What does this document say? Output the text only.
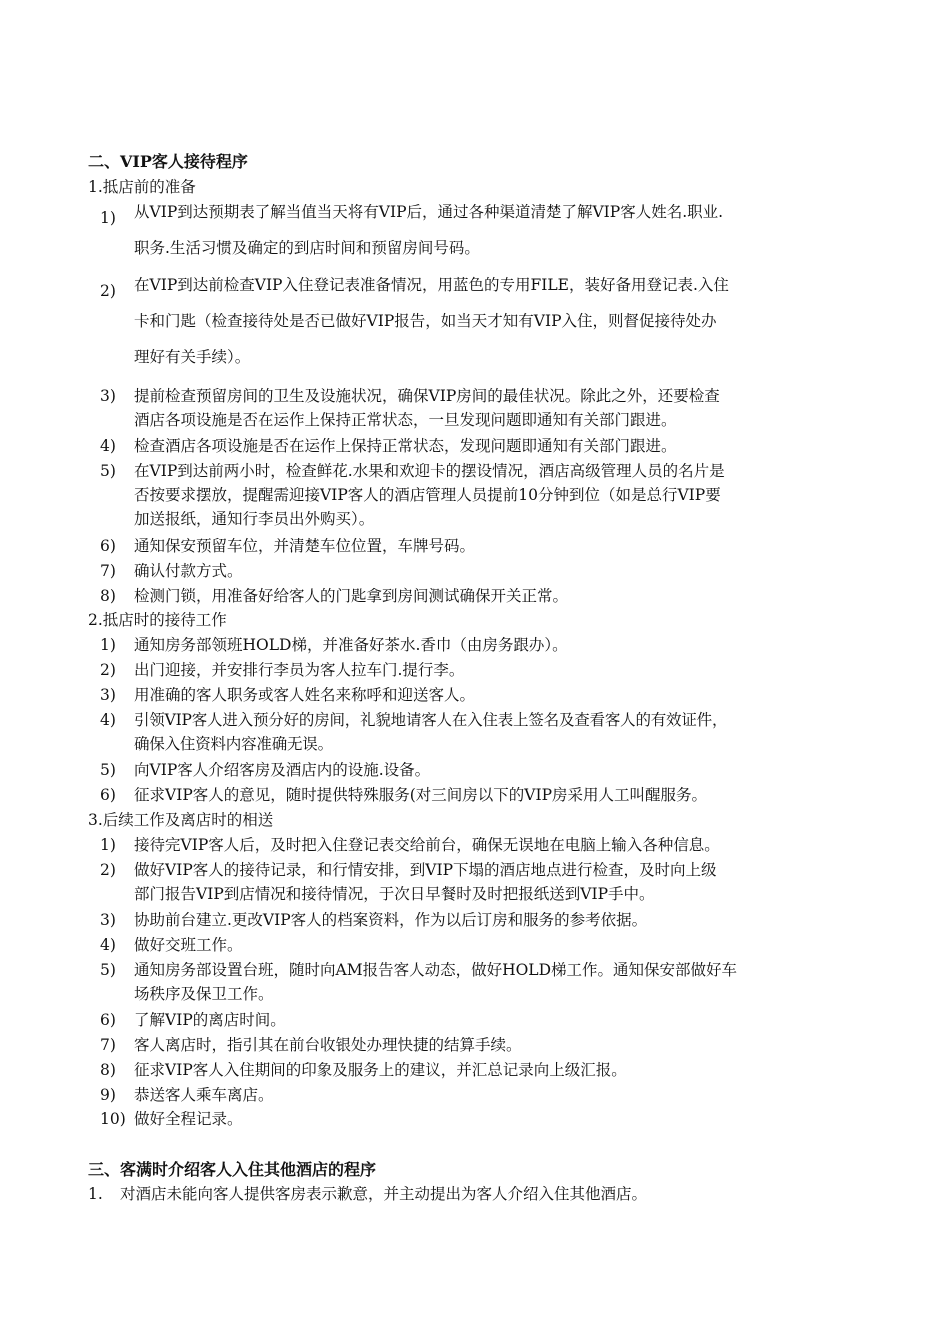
二、VIP客人接待程序
1.抵店前的准备
1) 从VIP到达预期表了解当值当天将有VIP后，通过各种渠道清楚了解VIP客人姓名.职业.
职务.生活习惯及确定的到店时间和预留房间号码。
2) 在VIP到达前检查VIP入住登记表准备情况，用蓝色的专用FILE，装好备用登记表.入住
卡和门匙（检查接待处是否已做好VIP报告，如当天才知有VIP入住，则督促接待处办
理好有关手续）。
3) 提前检查预留房间的卫生及设施状况，确保VIP房间的最佳状况。除此之外，还要检查
酒店各项设施是否在运作上保持正常状态，一旦发现问题即通知有关部门跟进。
4) 检查酒店各项设施是否在运作上保持正常状态，发现问题即通知有关部门跟进。
5) 在VIP到达前两小时，检查鲜花.水果和欢迎卡的摆设情况，酒店高级管理人员的名片是
否按要求摆放，提醒需迎接VIP客人的酒店管理人员提前10分钟到位（如是总行VIP要
加送报纸，通知行李员出外购买）。
6) 通知保安预留车位，并清楚车位位置，车牌号码。
7) 确认付款方式。
8) 检测门锁，用准备好给客人的门匙拿到房间测试确保开关正常。
2.抵店时的接待工作
1) 通知房务部领班HOLD梯，并准备好茶水.香巾（由房务跟办）。
2) 出门迎接，并安排行李员为客人拉车门.提行李。
3) 用准确的客人职务或客人姓名来称呼和迎送客人。
4) 引领VIP客人进入预分好的房间，礼貌地请客人在入住表上签名及查看客人的有效证件，
确保入住资料内容准确无误。
5) 向VIP客人介绍客房及酒店内的设施.设备。
6) 征求VIP客人的意见，随时提供特殊服务(对三间房以下的VIP房采用人工叫醒服务。
3.后续工作及离店时的相送
1) 接待完VIP客人后，及时把入住登记表交给前台，确保无误地在电脑上输入各种信息。
2) 做好VIP客人的接待记录，和行情安排，到VIP下塌的酒店地点进行检查，及时向上级
部门报告VIP到店情况和接待情况，于次日早餐时及时把报纸送到VIP手中。
3) 协助前台建立.更改VIP客人的档案资料，作为以后订房和服务的参考依据。
4) 做好交班工作。
5) 通知房务部设置台班，随时向AM报告客人动态，做好HOLD梯工作。通知保安部做好车
场秩序及保卫工作。
6) 了解VIP的离店时间。
7) 客人离店时，指引其在前台收银处办理快捷的结算手续。
8) 征求VIP客人入住期间的印象及服务上的建议，并汇总记录向上级汇报。
9) 恭送客人乘车离店。
10) 做好全程记录。
三、客满时介绍客人入住其他酒店的程序
1. 对酒店未能向客人提供客房表示歉意，并主动提出为客人介绍入住其他酒店。
